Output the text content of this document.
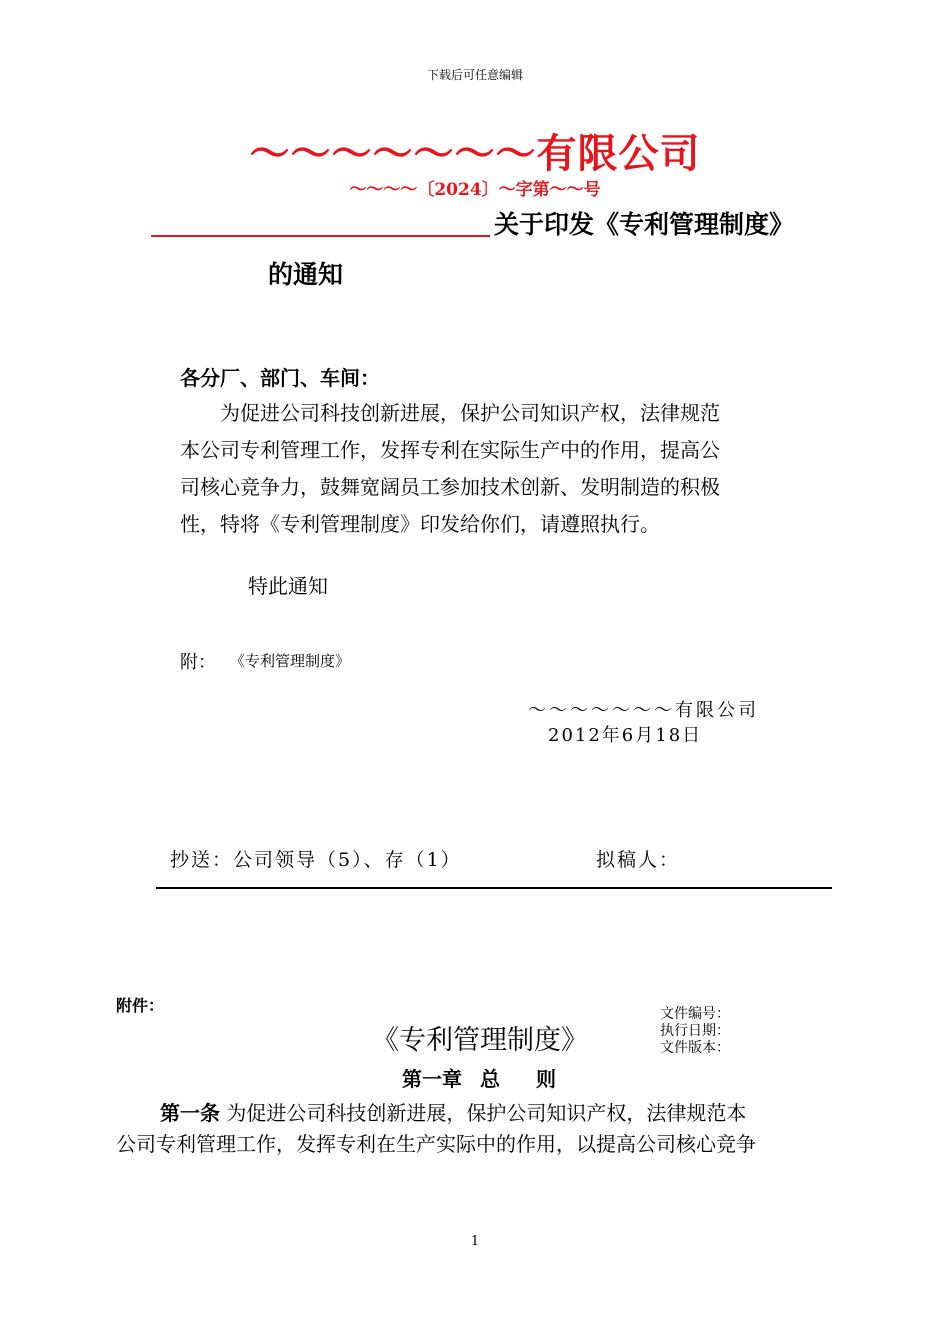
下载后可任意编辑
～～～～～～～有限公司
～～～～〔2024〕～字第～～号
关于印发《专利管理制度》
的通知
各分厂、部门、车间：
　　为促进公司科技创新进展，保护公司知识产权，法律规范
本公司专利管理工作，发挥专利在实际生产中的作用，提高公
司核心竞争力，鼓舞宽阔员工参加技术创新、发明制造的积极
性，特将《专利管理制度》印发给你们，请遵照执行。
特此通知
附： 《专利管理制度》
～～～～～～～有限公司
2012年6月18日
抄送：公司领导（5）、存（1）	拟稿人：
附件：
《专利管理制度》
文件编号：
执行日期：
文件版本：
第一章 总 则
第一条 为促进公司科技创新进展，保护公司知识产权，法律规范本
公司专利管理工作，发挥专利在生产实际中的作用，以提高公司核心竞争
1
